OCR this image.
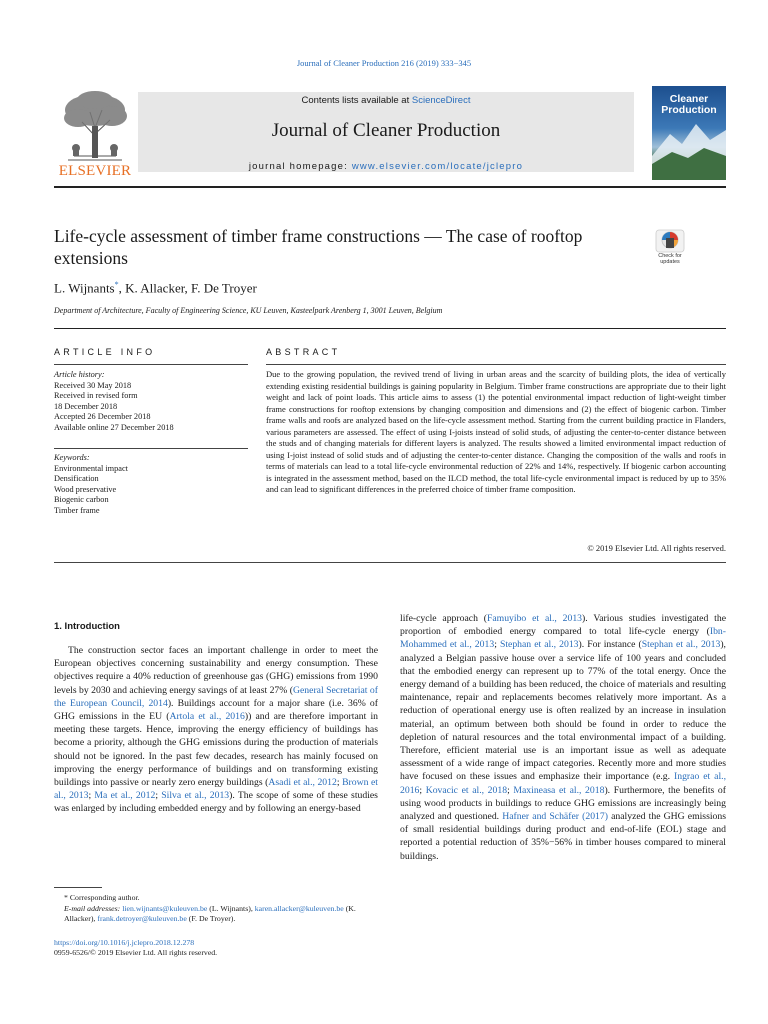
Journal of Cleaner Production 216 (2019) 333−345
ELSEVIER
Contents lists available at ScienceDirect
Journal of Cleaner Production
journal homepage: www.elsevier.com/locate/jclepro
Cleaner Production
Life-cycle assessment of timber frame constructions — The case of rooftop extensions	Check for updates
L. Wijnants*, K. Allacker, F. De Troyer
Department of Architecture, Faculty of Engineering Science, KU Leuven, Kasteelpark Arenberg 1, 3001 Leuven, Belgium
ARTICLE INFO	ABSTRACT
Article history:
Received 30 May 2018
Received in revised form
18 December 2018
Accepted 26 December 2018
Available online 27 December 2018
Keywords:
Environmental impact
Densification
Wood preservative
Biogenic carbon
Timber frame
Due to the growing population, the revived trend of living in urban areas and the scarcity of building plots, the idea of vertically extending existing residential buildings is gaining popularity in Belgium. Timber frame constructions are appropriate due to their light weight and lack of point loads. This article aims to assess (1) the potential environmental impact reduction of light-weight timber frame constructions for rooftop extensions by changing composition and dimensions and (2) the effect of biogenic carbon. Timber frame walls and roofs are analyzed based on the life-cycle assessment method. Starting from the current building practice in Flanders, various parameters are assessed. The effect of using I-joists instead of solid studs, of adjusting the center-to-center distance between the studs and of changing materials for different layers is analyzed. The results showed a limited environmental impact reduction of using I-joist instead of solid studs and of adjusting the center-to-center distance. Changing the composition of the walls and roofs in terms of materials can lead to a total life-cycle environmental reduction of 22% and 14%, respectively. If biogenic carbon accounting is integrated in the assessment method, based on the ILCD method, the total life-cycle environmental impact is reduced by up to 35% and can lead to significant differences in the preferred choice of timber frame composition.
© 2019 Elsevier Ltd. All rights reserved.
1. Introduction

The construction sector faces an important challenge in order to meet the European objectives concerning sustainability and energy consumption. These objectives require a 40% reduction of greenhouse gas (GHG) emissions from 1990 levels by 2030 and achieving energy savings of at least 27% (General Secretariat of the European Council, 2014). Buildings account for a major share (i.e. 36% of GHG emissions in the EU (Artola et al., 2016)) and are therefore important in meeting these targets. Hence, improving the energy efficiency of buildings has become a priority, although the GHG emissions during the production of materials should not be ignored. In the past few decades, research has mainly focused on improving the energy performance of buildings and on transforming existing buildings into passive or nearly zero energy buildings (Asadi et al., 2012; Brown et al., 2013; Ma et al., 2012; Silva et al., 2013). The scope of some of these studies was enlarged by including embedded energy and by following an energy-based

life-cycle approach (Famuyibo et al., 2013). Various studies investigated the proportion of embodied energy compared to total life-cycle energy (Ibn-Mohammed et al., 2013; Stephan et al., 2013). For instance (Stephan et al., 2013), analyzed a Belgian passive house over a service life of 100 years and concluded that the embodied energy can represent up to 77% of the total energy. Once the energy demand of a building has been reduced, the choice of materials and resulting maintenance, repair and replacements becomes relatively more important. As a reduction of operational energy use is often realized by an increase in insulation material, an optimum between both should be found in order to reduce the depletion of natural resources and the total environmental impact of a building. Therefore, efficient material use is an important issue as well as adequate assessment of a wide range of impact categories. Recently more and more studies have focused on these issues and emphasize their importance (e.g. Ingrao et al., 2016; Kovacic et al., 2018; Maxineasa et al., 2018). Furthermore, the benefits of using wood products in buildings to reduce GHG emissions are increasingly being analyzed and questioned. Hafner and Schäfer (2017) analyzed the GHG emissions of small residential buildings during product and end-of-life (EOL) stage and reported a potential reduction of 35%−56% in timber houses compared to mineral buildings.

* Corresponding author.
E-mail addresses: lien.wijnants@kuleuven.be (L. Wijnants), karen.allacker@kuleuven.be (K. Allacker), frank.detroyer@kuleuven.be (F. De Troyer).
https://doi.org/10.1016/j.jclepro.2018.12.278
0959-6526/© 2019 Elsevier Ltd. All rights reserved.
